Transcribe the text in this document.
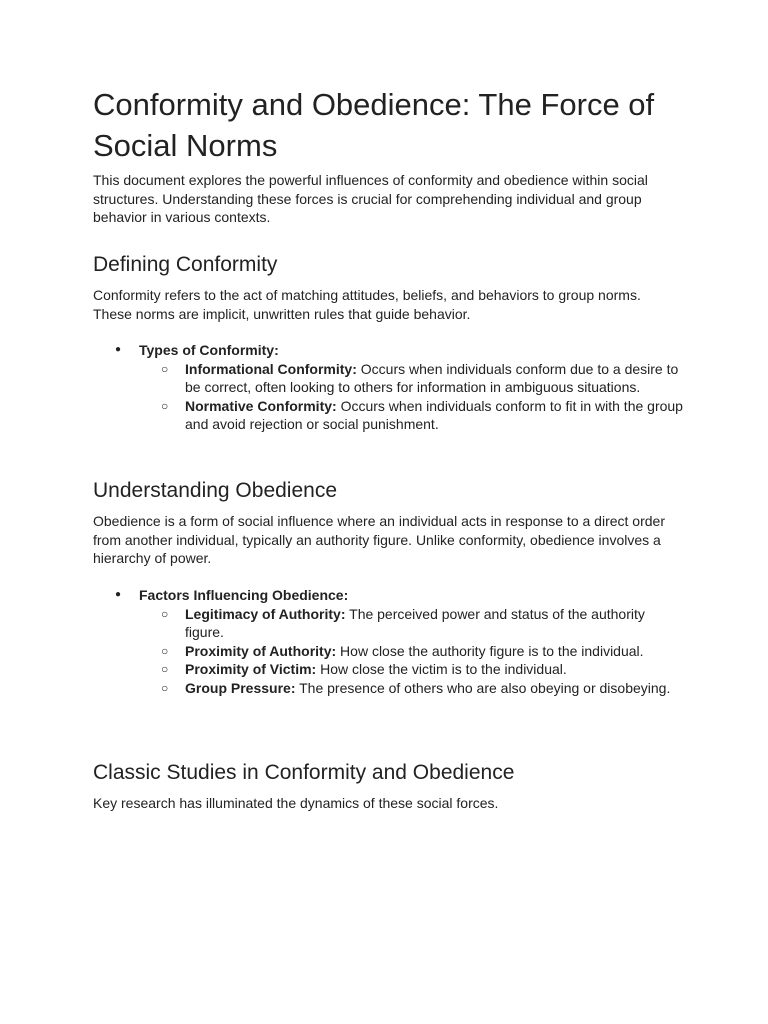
Conformity and Obedience: The Force of Social Norms

This document explores the powerful influences of conformity and obedience within social structures. Understanding these forces is crucial for comprehending individual and group behavior in various contexts.

Defining Conformity

Conformity refers to the act of matching attitudes, beliefs, and behaviors to group norms. These norms are implicit, unwritten rules that guide behavior.

● Types of Conformity:
○ Informational Conformity: Occurs when individuals conform due to a desire to be correct, often looking to others for information in ambiguous situations.
○ Normative Conformity: Occurs when individuals conform to fit in with the group and avoid rejection or social punishment.
Understanding Obedience

Obedience is a form of social influence where an individual acts in response to a direct order from another individual, typically an authority figure. Unlike conformity, obedience involves a hierarchy of power.

● Factors Influencing Obedience:
○ Legitimacy of Authority: The perceived power and status of the authority figure.
○ Proximity of Authority: How close the authority figure is to the individual.
○ Proximity of Victim: How close the victim is to the individual.
○ Group Pressure: The presence of others who are also obeying or disobeying.
Classic Studies in Conformity and Obedience

Key research has illuminated the dynamics of these social forces.
